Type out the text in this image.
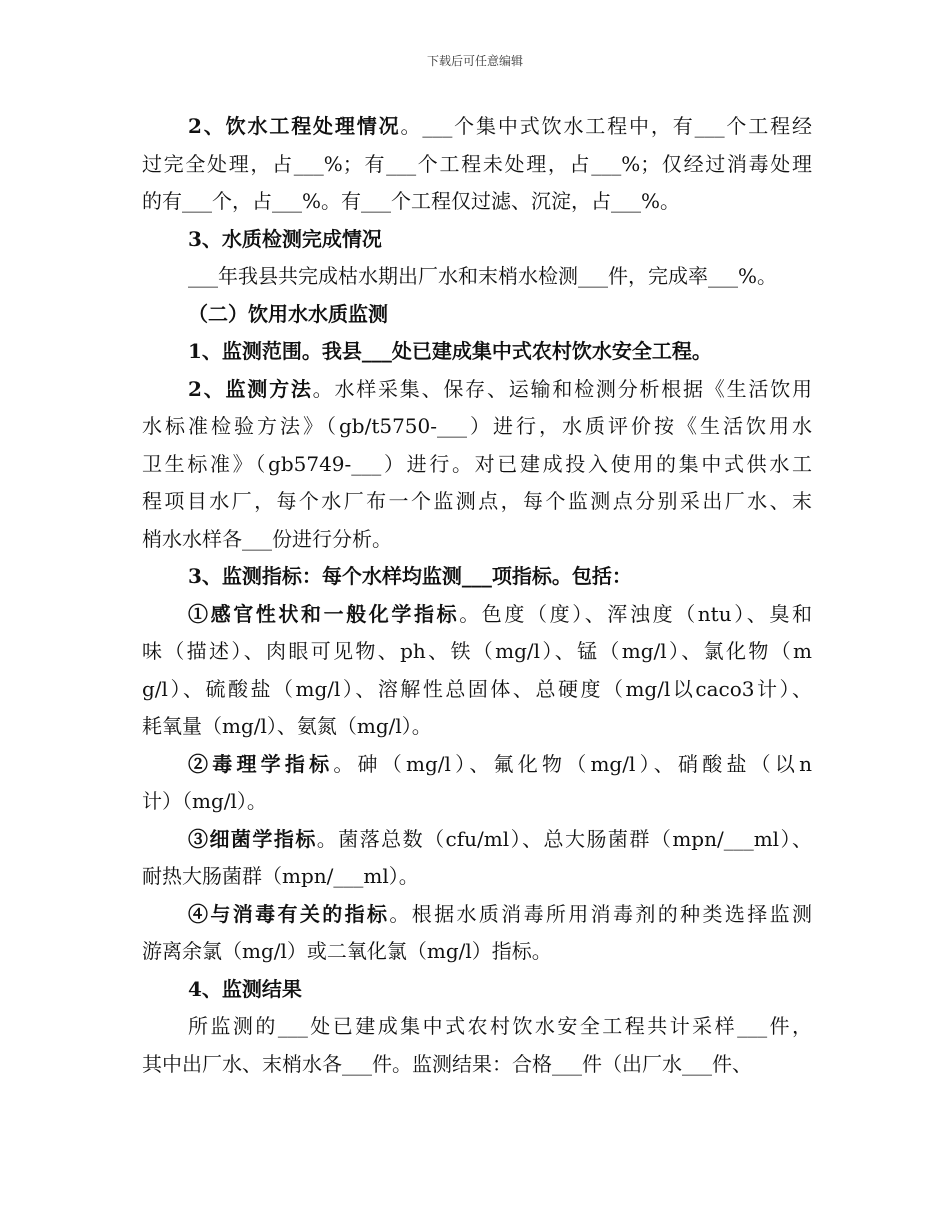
下载后可任意编辑
2、饮水工程处理情况。___个集中式饮水工程中，有___个工程经
过完全处理，占___%；有___个工程未处理，占___%；仅经过消毒处理
的有___个，占___%。有___个工程仅过滤、沉淀，占___%。
3、水质检测完成情况
___年我县共完成枯水期出厂水和末梢水检测___件，完成率___%。
（二）饮用水水质监测
1、监测范围。我县___处已建成集中式农村饮水安全工程。
2、监测方法。水样采集、保存、运输和检测分析根据《生活饮用
水标准检验方法》（gb/t5750-___）进行，水质评价按《生活饮用水
卫生标准》（gb5749-___）进行。对已建成投入使用的集中式供水工
程项目水厂，每个水厂布一个监测点，每个监测点分别采出厂水、末
梢水水样各___份进行分析。
3、监测指标：每个水样均监测___项指标。包括：
①感官性状和一般化学指标。色度（度）、浑浊度（ntu）、臭和
味（描述）、肉眼可见物、ph、铁（mg/l）、锰（mg/l）、氯化物（m
g/l）、硫酸盐（mg/l）、溶解性总固体、总硬度（mg/l以caco3计）、
耗氧量（mg/l）、氨氮（mg/l）。
②毒理学指标。砷（mg/l）、氟化物（mg/l）、硝酸盐（以n
计）（mg/l）。
③细菌学指标。菌落总数（cfu/ml）、总大肠菌群（mpn/___ml）、
耐热大肠菌群（mpn/___ml）。
④与消毒有关的指标。根据水质消毒所用消毒剂的种类选择监测
游离余氯（mg/l）或二氧化氯（mg/l）指标。
4、监测结果
所监测的___处已建成集中式农村饮水安全工程共计采样___件，
其中出厂水、末梢水各___件。监测结果：合格___件（出厂水___件、
